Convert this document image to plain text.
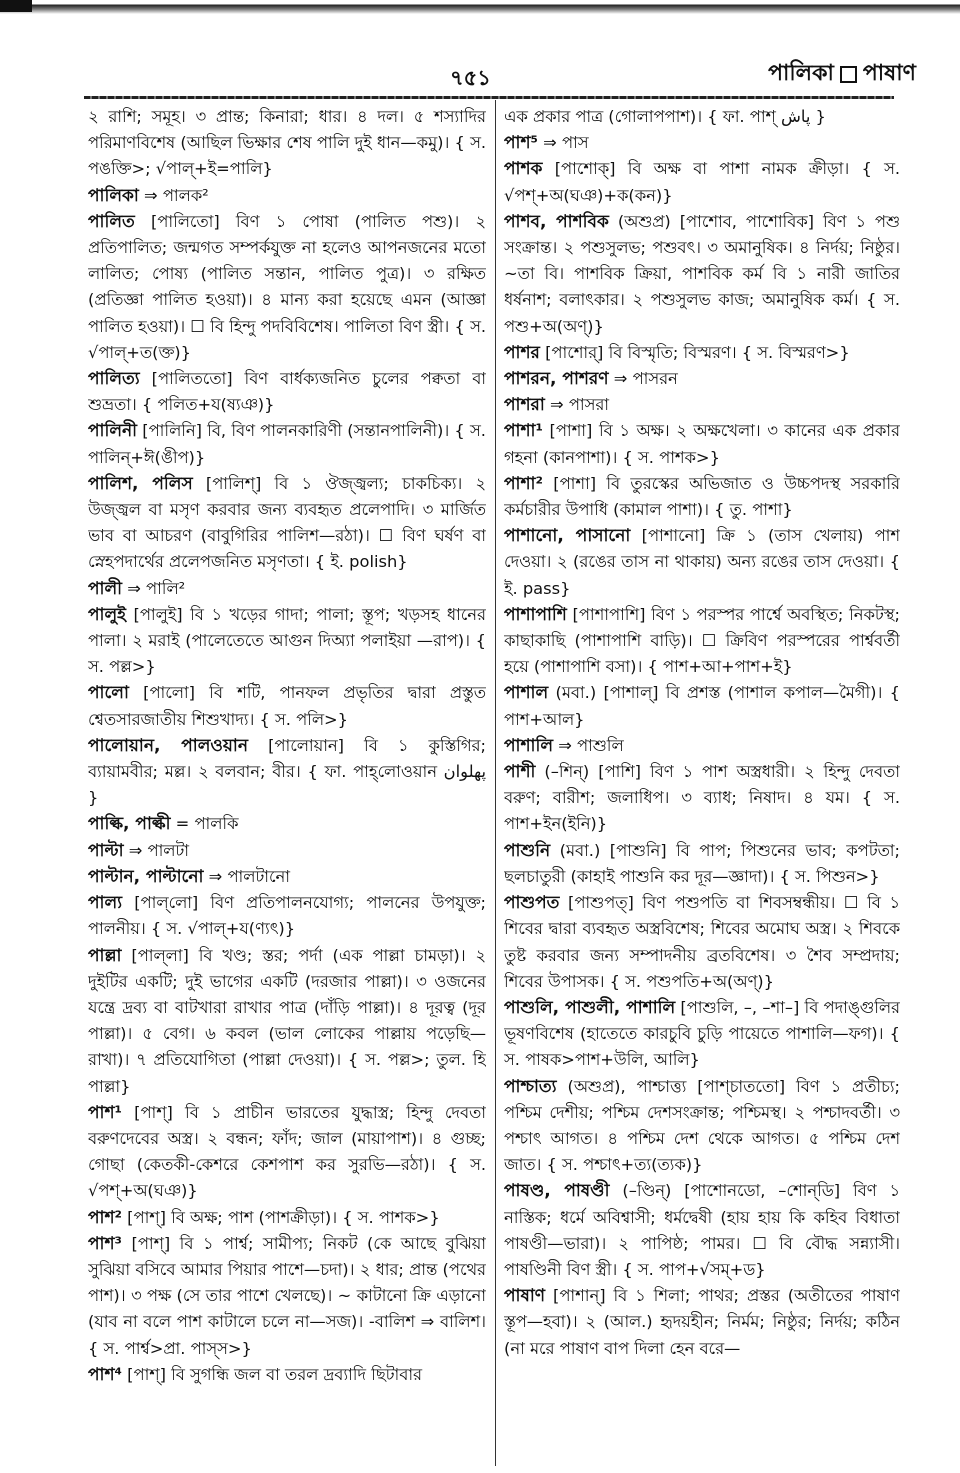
৭৫১	পালিকা পাষাণ

২ রাশি; সমূহ। ৩ প্রান্ত; কিনারা; ধার। ৪ দল। ৫ শস্যাদির পরিমাণবিশেষ (আছিল ভিক্ষার শেষ পালি দুই ধান—কমু)। { স. পঙক্তি>; √পাল্+ই=পালি}

পালিকা ⇒ পালক²

পালিত [পালিতো] বিণ ১ পোষা (পালিত পশু)। ২ প্রতিপালিত; জন্মগত সম্পর্কযুক্ত না হলেও আপনজনের মতো লালিত; পোষ্য (পালিত সন্তান, পালিত পুত্র)। ৩ রক্ষিত (প্রতিজ্ঞা পালিত হওয়া)। ৪ মান্য করা হয়েছে এমন (আজ্ঞা পালিত হওয়া)। ☐ বি হিন্দু পদবিবিশেষ। পালিতা বিণ স্ত্রী। { স. √পাল্+ত(ক্ত)}

পালিত্য [পালিততো] বিণ বার্ধক্যজনিত চুলের পক্বতা বা শুভ্রতা। { পলিত+য(ষ্যঞ)}

পালিনী [পালিনি] বি, বিণ পালনকারিণী (সন্তানপালিনী)। { স. পালিন্+ঈ(ঙীপ)}

পালিশ, পলিস [পালিশ্] বি ১ ঔজ্জ্বল্য; চাকচিক্য। ২ উজ্জ্বল বা মসৃণ করবার জন্য ব্যবহৃত প্রলেপাদি। ৩ মার্জিত ভাব বা আচরণ (বাবুগিরির পালিশ—রঠা)। ☐ বিণ ঘর্ষণ বা স্নেহপদার্থের প্রলেপজনিত মসৃণতা। { ই. polish}

পালী ⇒ পালি²

পালুই [পালুই] বি ১ খড়ের গাদা; পালা; স্তূপ; খড়সহ ধানের পালা। ২ মরাই (পালেতেতে আগুন দিঅ্যা পলাইয়া —রাপ)। { স. পল্ল>}

পালো [পালো] বি শটি, পানফল প্রভৃতির দ্বারা প্রস্তুত শ্বেতসারজাতীয় শিশুখাদ্য। { স. পলি>}

পালোয়ান, পালওয়ান [পালোয়ান] বি ১ কুস্তিগির; ব্যায়ামবীর; মল্ল। ২ বলবান; বীর। { ফা. পাহ্‌লোওয়ান پهلوان }

পাল্কি, পাল্কী = পালকি

পাল্টা ⇒ পালটা

পাল্টান, পাল্টানো ⇒ পালটানো

পাল্য [পাল্‌লো] বিণ প্রতিপালনযোগ্য; পালনের উপযুক্ত; পালনীয়। { স. √পাল্+য(ণ্যৎ)}

পাল্লা [পাল্‌লা] বি খণ্ড; স্তর; পর্দা (এক পাল্লা চামড়া)। ২ দুইটির একটি; দুই ভাগের একটি (দরজার পাল্লা)। ৩ ওজনের যন্ত্রে দ্রব্য বা বাটখারা রাখার পাত্র (দাঁড়ি পাল্লা)। ৪ দূরত্ব (দূর পাল্লা)। ৫ বেগ। ৬ কবল (ভাল লোকের পাল্লায় পড়েছি—রাখা)। ৭ প্রতিযোগিতা (পাল্লা দেওয়া)। { স. পল্ল>; তুল. হি পাল্লা}

পাশ¹ [পাশ্] বি ১ প্রাচীন ভারতের যুদ্ধাস্ত্র; হিন্দু দেবতা বরুণদেবের অস্ত্র। ২ বন্ধন; ফাঁদ; জাল (মায়াপাশ)। ৪ গুচ্ছ; গোছা (কেতকী-কেশরে কেশপাশ কর সুরভি—রঠা)। { স. √পশ্+অ(ঘঞ)}

পাশ² [পাশ্] বি অক্ষ; পাশ (পাশক্রীড়া)। { স. পাশক>}

পাশ³ [পাশ্] বি ১ পার্শ্ব; সামীপ্য; নিকট (কে আছে বুঝিয়া সুঝিয়া বসিবে আমার পিয়ার পাশে—চদা)। ২ ধার; প্রান্ত (পথের পাশ)। ৩ পক্ষ (সে তার পাশে খেলছে)। ~ কাটানো ক্রি এড়ানো (যাব না বলে পাশ কাটালে চলে না—সজ)। -বালিশ ⇒ বালিশ। { স. পার্শ্ব>প্রা. পাস্‌স>}

পাশ⁴ [পাশ্] বি সুগন্ধি জল বা তরল দ্রব্যাদি ছিটাবার

এক প্রকার পাত্র (গোলাপপাশ)। { ফা. পাশ্ پاش }

পাশ⁵ ⇒ পাস

পাশক [পাশোক্] বি অক্ষ বা পাশা নামক ক্রীড়া। { স. √পশ্+অ(ঘঞ)+ক(কন)}

পাশব, পাশবিক (অশুপ্র) [পাশোব, পাশোবিক] বিণ ১ পশু সংক্রান্ত। ২ পশুসুলভ; পশুবৎ। ৩ অমানুষিক। ৪ নির্দয়; নিষ্ঠুর। ~তা বি। পাশবিক ক্রিয়া, পাশবিক কর্ম বি ১ নারী জাতির ধর্ষনাশ; বলাৎকার। ২ পশুসুলভ কাজ; অমানুষিক কর্ম। { স. পশু+অ(অণ্)}

পাশর [পাশোর্] বি বিস্মৃতি; বিস্মরণ। { স. বিস্মরণ>}

পাশরন, পাশরণ ⇒ পাসরন

পাশরা ⇒ পাসরা

পাশা¹ [পাশা] বি ১ অক্ষ। ২ অক্ষখেলা। ৩ কানের এক প্রকার গহনা (কানপাশা)। { স. পাশক>}

পাশা² [পাশা] বি তুরস্কের অভিজাত ও উচ্চপদস্থ সরকারি কর্মচারীর উপাধি (কামাল পাশা)। { তু. পাশা}

পাশানো, পাসানো [পাশানো] ক্রি ১ (তাস খেলায়) পাশ দেওয়া। ২ (রঙের তাস না থাকায়) অন্য রঙের তাস দেওয়া। { ই. pass}

পাশাপাশি [পাশাপাশি] বিণ ১ পরস্পর পার্শ্বে অবস্থিত; নিকটস্থ; কাছাকাছি (পাশাপাশি বাড়ি)। ☐ ক্রিবিণ পরস্পরের পার্শ্ববর্তী হয়ে (পাশাপাশি বসা)। { পাশ+আ+পাশ+ই}

পাশাল (মবা.) [পাশাল্] বি প্রশস্ত (পাশাল কপাল—মৈগী)। { পাশ+আল}

পাশালি ⇒ পাশুলি

পাশী (–শিন্) [পাশি] বিণ ১ পাশ অস্ত্রধারী। ২ হিন্দু দেবতা বরুণ; বারীশ; জলাধিপ। ৩ ব্যাধ; নিষাদ। ৪ যম। { স. পাশ+ইন(ইনি)}

পাশুনি (মবা.) [পাশুনি] বি পাপ; পিশুনের ভাব; কপটতা; ছলচাতুরী (কাহাই পাশুনি কর দূর—জ্ঞাদা)। { স. পিশুন>}

পাশুপত [পাশুপত্] বিণ পশুপতি বা শিবসম্বন্ধীয়। ☐ বি ১ শিবের দ্বারা ব্যবহৃত অস্ত্রবিশেষ; শিবের অমোঘ অস্ত্র। ২ শিবকে তুষ্ট করবার জন্য সম্পাদনীয় ব্রতবিশেষ। ৩ শৈব সম্প্রদায়; শিবের উপাসক। { স. পশুপতি+অ(অণ্)}

পাশুলি, পাশুলী, পাশালি [পাশুলি, –, –শা–] বি পদাঙ্গুলির ভূষণবিশেষ (হাতেতে কারচুবি চুড়ি পায়েতে পাশালি—ফগ)। { স. পাষক>পাশ+উলি, আলি}

পাশ্চাত্য (অশুপ্র), পাশ্চাত্ত্য [পাশ্‌চাততো] বিণ ১ প্রতীচ্য; পশ্চিম দেশীয়; পশ্চিম দেশসংক্রান্ত; পশ্চিমস্থ। ২ পশ্চাদবর্তী। ৩ পশ্চাৎ আগত। ৪ পশ্চিম দেশ থেকে আগত। ৫ পশ্চিম দেশ জাত। { স. পশ্চাৎ+ত্য(ত্যক)}

পাষণ্ড, পাষণ্ডী (–ণ্ডিন্) [পাশোনডো, –শোন্‌ডি] বিণ ১ নাস্তিক; ধর্মে অবিশ্বাসী; ধর্মদ্বেষী (হায় হায় কি কহিব বিধাতা পাষণ্ডী—ভারা)। ২ পাপিষ্ঠ; পামর। ☐ বি বৌদ্ধ সন্ন্যাসী। পাষণ্ডিনী বিণ স্ত্রী। { স. পাপ+√সম্+ড}

পাষাণ [পাশান্] বি ১ শিলা; পাথর; প্রস্তর (অতীতের পাষাণ স্তূপ—হবা)। ২ (আল.) হৃদয়হীন; নির্মম; নিষ্ঠুর; নির্দয়; কঠিন (না মরে পাষাণ বাপ দিলা হেন বরে—
